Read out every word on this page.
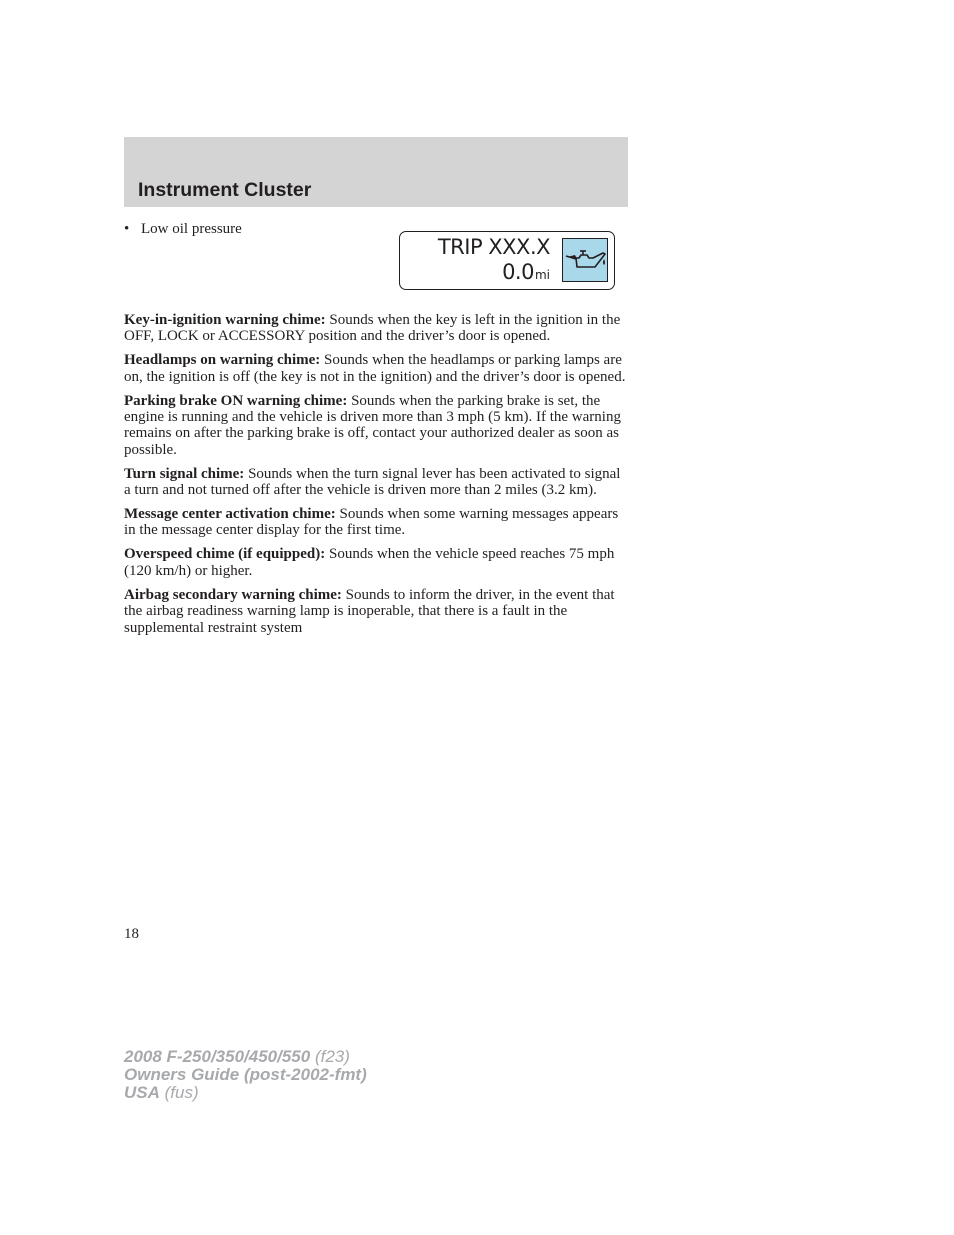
Instrument Cluster
• Low oil pressure
TRIP XXX.X
0.0mi

Key-in-ignition warning chime: Sounds when the key is left in the ignition in the OFF, LOCK or ACCESSORY position and the driver’s door is opened.

Headlamps on warning chime: Sounds when the headlamps or parking lamps are on, the ignition is off (the key is not in the ignition) and the driver’s door is opened.

Parking brake ON warning chime: Sounds when the parking brake is set, the engine is running and the vehicle is driven more than 3 mph (5 km). If the warning remains on after the parking brake is off, contact your authorized dealer as soon as possible.

Turn signal chime: Sounds when the turn signal lever has been activated to signal a turn and not turned off after the vehicle is driven more than 2 miles (3.2 km).

Message center activation chime: Sounds when some warning messages appears in the message center display for the first time.

Overspeed chime (if equipped): Sounds when the vehicle speed reaches 75 mph (120 km/h) or higher.

Airbag secondary warning chime: Sounds to inform the driver, in the event that the airbag readiness warning lamp is inoperable, that there is a fault in the supplemental restraint system

18
2008 F-250/350/450/550 (f23)
Owners Guide (post-2002-fmt)
USA (fus)
